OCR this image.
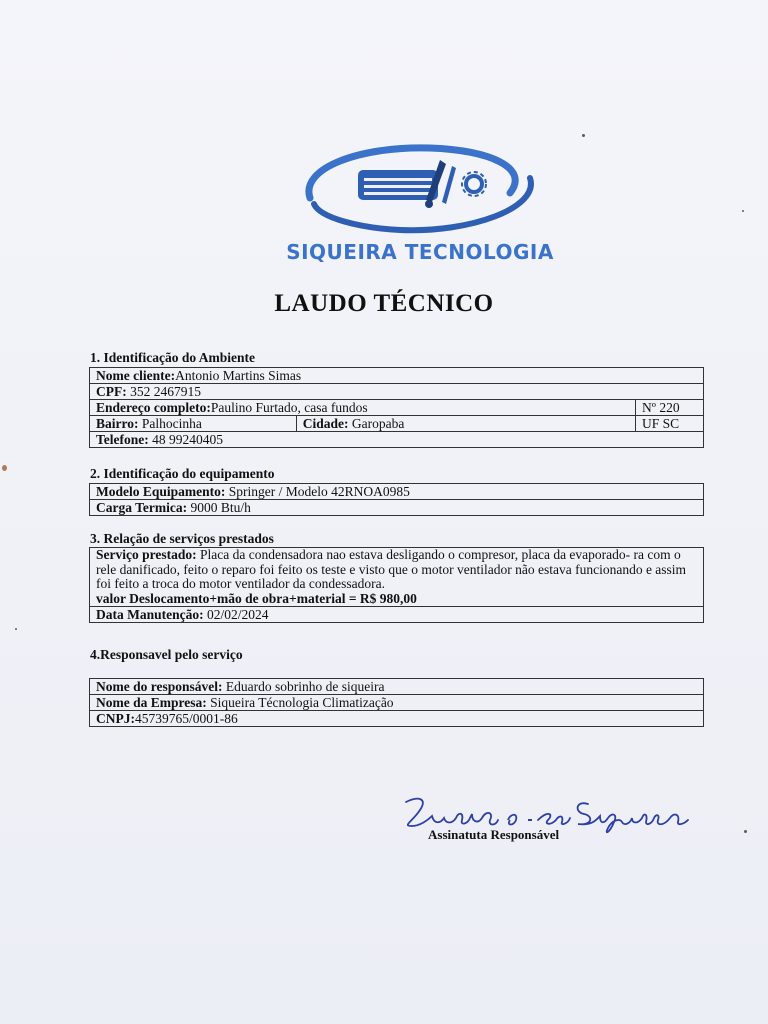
SIQUEIRA TECNOLOGIA
LAUDO TÉCNICO
1. Identificação do Ambiente
Nome cliente:Antonio Martins Simas		
CPF: 352 2467915		
Endereço completo:Paulino Furtado, casa fundos		Nº 220
Bairro: Palhocinha	Cidade: Garopaba	UF SC
Telefone: 48 99240405		
2. Identificação do equipamento
Modelo Equipamento: Springer / Modelo 42RNOA0985
Carga Termica: 9000 Btu/h
3. Relação de serviços prestados
Serviço prestado: Placa da condensadora nao estava desligando o compresor, placa da evaporado- ra com o rele danificado, feito o reparo foi feito os teste e visto que o motor ventilador não estava funcionando e assim foi feito a troca do motor ventilador da condessadora.
valor Deslocamento+mão de obra+material = R$ 980,00
Data Manutenção: 02/02/2024
4.Responsavel pelo serviço
Nome do responsável: Eduardo sobrinho de siqueira
Nome da Empresa: Siqueira Técnologia Climatização
CNPJ:45739765/0001-86
Assinatuta Responsável
